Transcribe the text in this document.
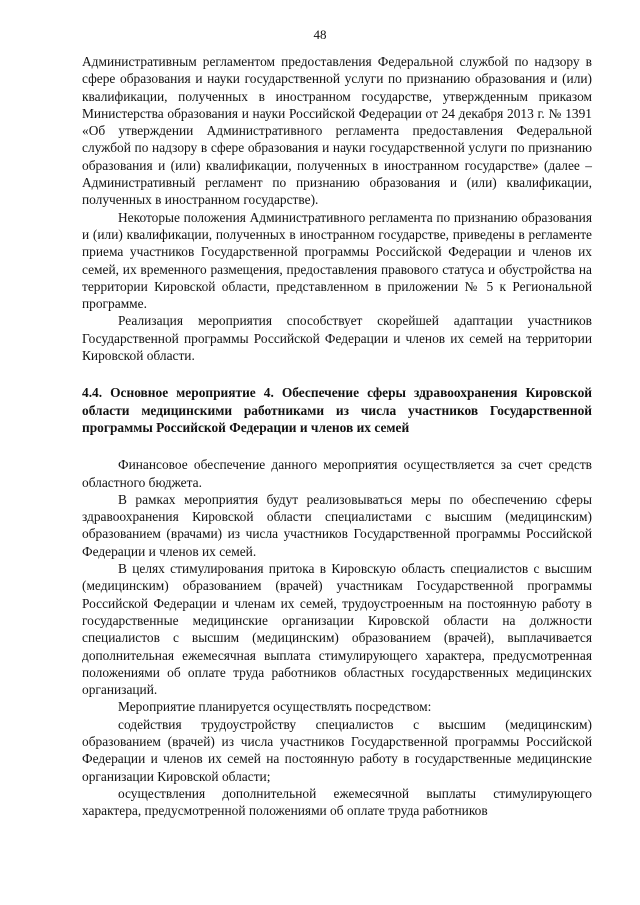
48

Административным регламентом предоставления Федеральной службой по надзору в сфере образования и науки государственной услуги по признанию образования и (или) квалификации, полученных в иностранном государстве, утвержденным приказом Министерства образования и науки Российской Федерации от 24 декабря 2013 г. № 1391 «Об утверждении Административного регламента предоставления Федеральной службой по надзору в сфере образования и науки государственной услуги по признанию образования и (или) квалификации, полученных в иностранном государстве» (далее – Административный регламент по признанию образования и (или) квалификации, полученных в иностранном государстве).

Некоторые положения Административного регламента по признанию образования и (или) квалификации, полученных в иностранном государстве, приведены в регламенте приема участников Государственной программы Российской Федерации и членов их семей, их временного размещения, предоставления правового статуса и обустройства на территории Кировской области, представленном в приложении № 5 к Региональной программе.

Реализация мероприятия способствует скорейшей адаптации участников Государственной программы Российской Федерации и членов их семей на территории Кировской области.

4.4. Основное мероприятие 4. Обеспечение сферы здравоохранения Кировской области медицинскими работниками из числа участников Государственной программы Российской Федерации и членов их семей

Финансовое обеспечение данного мероприятия осуществляется за счет средств областного бюджета.

В рамках мероприятия будут реализовываться меры по обеспечению сферы здравоохранения Кировской области специалистами с высшим (медицинским) образованием (врачами) из числа участников Государственной программы Российской Федерации и членов их семей.

В целях стимулирования притока в Кировскую область специалистов с высшим (медицинским) образованием (врачей) участникам Государственной программы Российской Федерации и членам их семей, трудоустроенным на постоянную работу в государственные медицинские организации Кировской области на должности специалистов с высшим (медицинским) образованием (врачей), выплачивается дополнительная ежемесячная выплата стимулирующего характера, предусмотренная положениями об оплате труда работников областных государственных медицинских организаций.

Мероприятие планируется осуществлять посредством:

содействия трудоустройству специалистов с высшим (медицинским) образованием (врачей) из числа участников Государственной программы Российской Федерации и членов их семей на постоянную работу в государственные медицинские организации Кировской области;

осуществления дополнительной ежемесячной выплаты стимулирующего характера, предусмотренной положениями об оплате труда работников
